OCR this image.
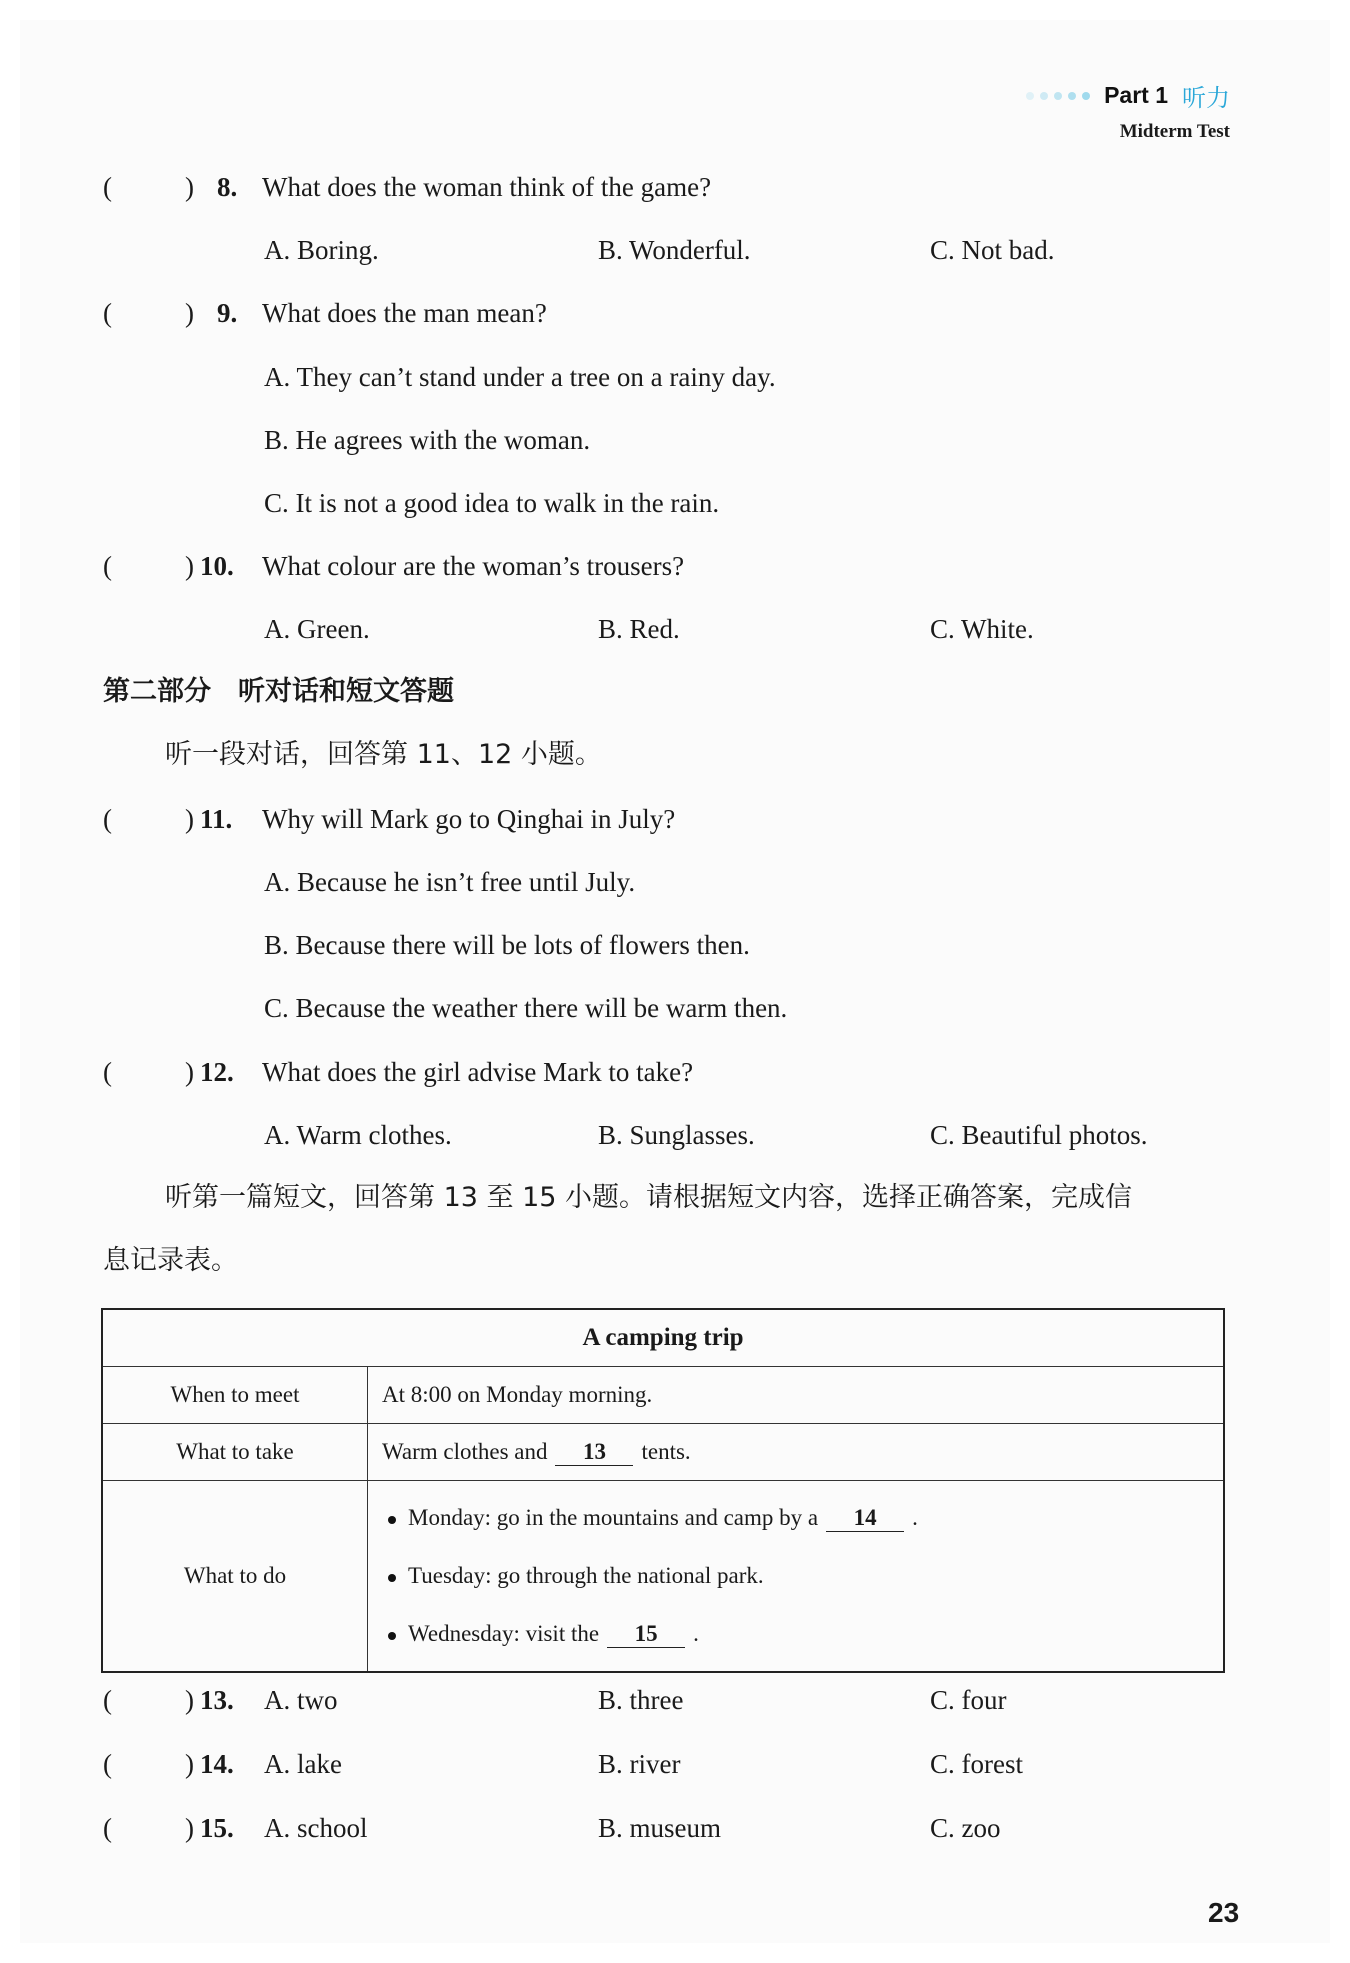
Part 1 听力
Midterm Test
(	) 8. What does the woman think of the game?
A. Boring.	B. Wonderful.	C. Not bad.
(	) 9. What does the man mean?
A. They can’t stand under a tree on a rainy day.
B. He agrees with the woman.
C. It is not a good idea to walk in the rain.
(	) 10. What colour are the woman’s trousers?
A. Green.	B. Red.	C. White.
第二部分　听对话和短文答题
听一段对话，回答第 11、12 小题。
(	) 11. Why will Mark go to Qinghai in July?
A. Because he isn’t free until July.
B. Because there will be lots of flowers then.
C. Because the weather there will be warm then.
(	) 12. What does the girl advise Mark to take?
A. Warm clothes.	B. Sunglasses.	C. Beautiful photos.
听第一篇短文，回答第 13 至 15 小题。请根据短文内容，选择正确答案，完成信
息记录表。
A camping trip	
When to meet	At 8:00 on Monday morning.
What to take	Warm clothes and 13 tents.
What to do	Monday: go in the mountains and camp by a 14 .
Tuesday: go through the national park.
Wednesday: visit the 15 .
(	) 13. A. two	B. three	C. four
(	) 14. A. lake	B. river	C. forest
(	) 15. A. school	B. museum	C. zoo
23
